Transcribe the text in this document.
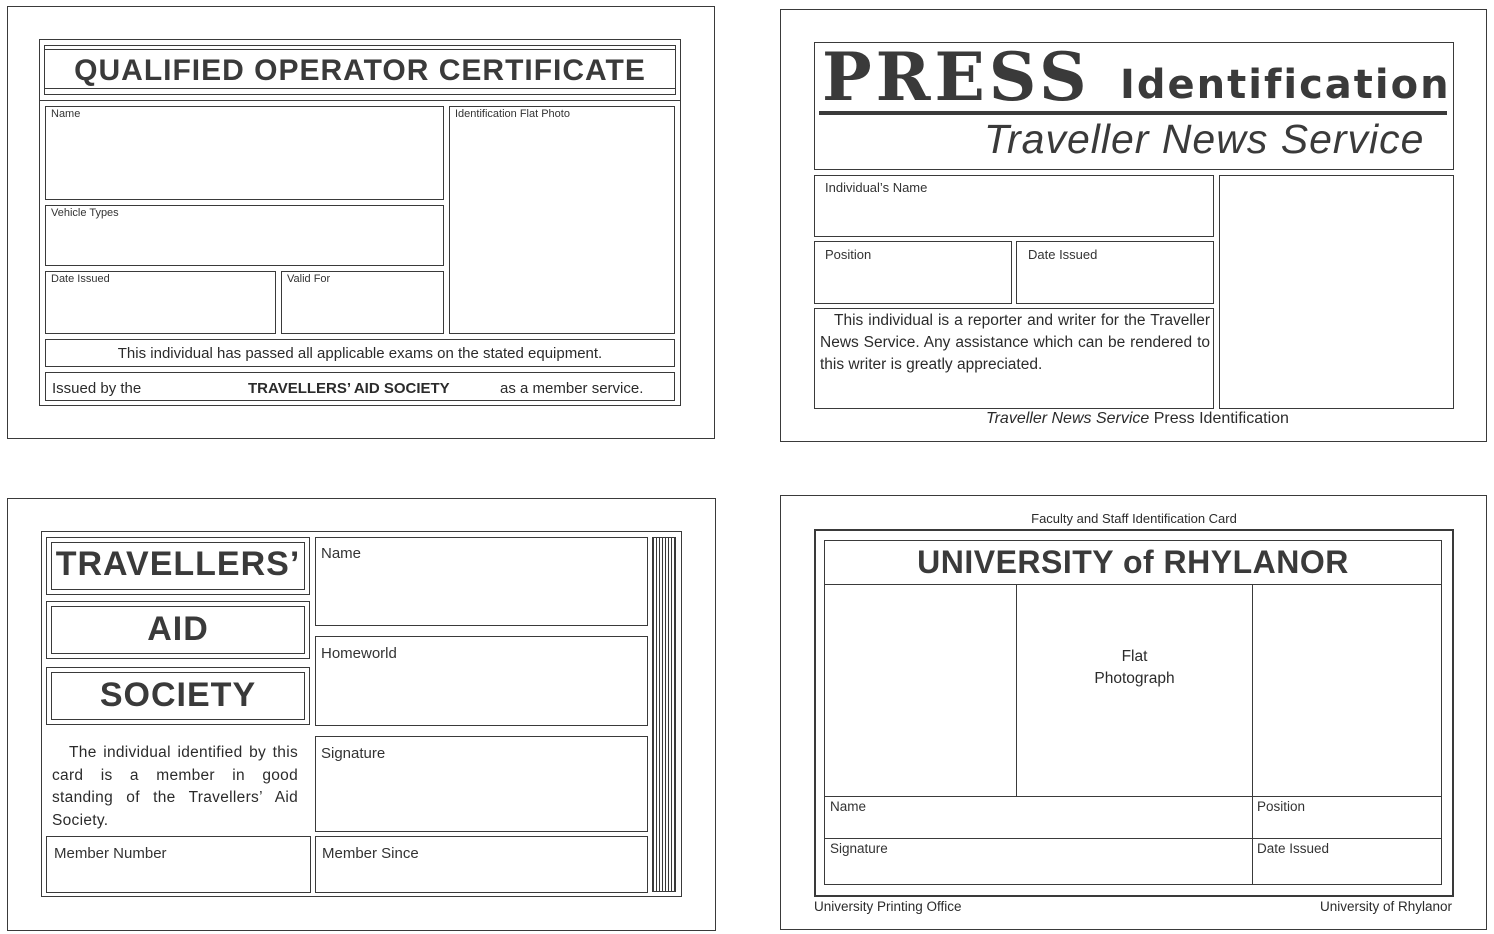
QUALIFIED OPERATOR CERTIFICATE
Name	Identification Flat Photo
Vehicle Types
Date Issued	Valid For
This individual has passed all applicable exams on the stated equipment.
Issued by the	TRAVELLERS’ AID SOCIETY	as a member service.
PRESS Identification
Traveller News Service
Individual’s Name
Position	Date Issued
This individual is a reporter and writer for the Traveller News Service. Any assistance which can be rendered to this writer is greatly appreciated.
Traveller News Service Press Identification
TRAVELLERS’
AID
SOCIETY
Name
Homeworld
Signature
The individual identified by this card is a member in good standing of the Travellers’ Aid Society.
Member Number	Member Since
Faculty and Staff Identification Card
UNIVERSITY of RHYLANOR
Flat
Photograph
Name	Position
Signature	Date Issued
University Printing Office	University of Rhylanor
